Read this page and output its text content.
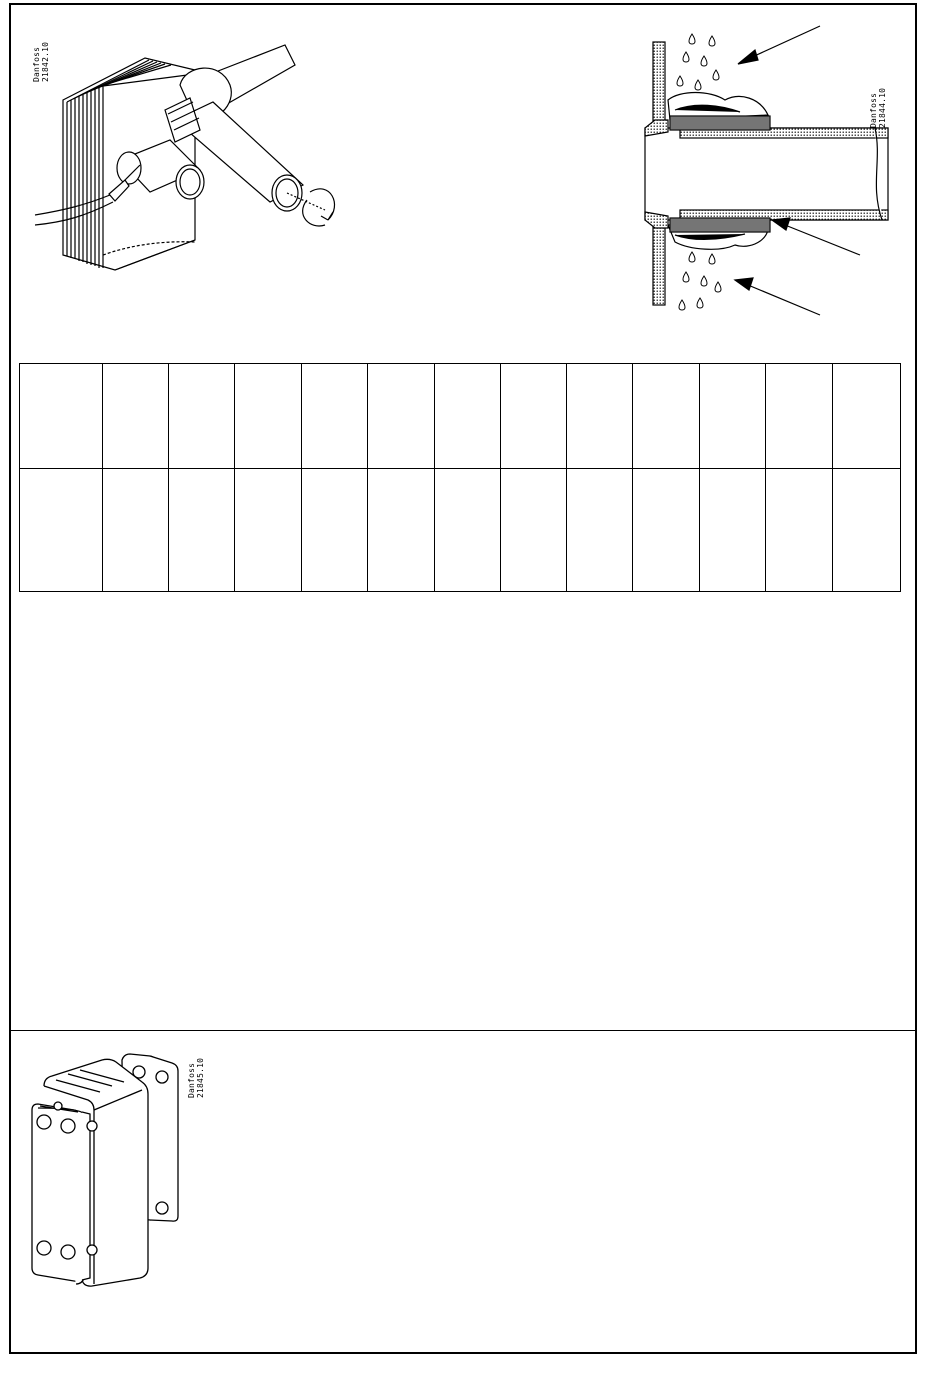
Danfoss 21842.10
Danfoss 21844.10

Danfoss 21845.10
